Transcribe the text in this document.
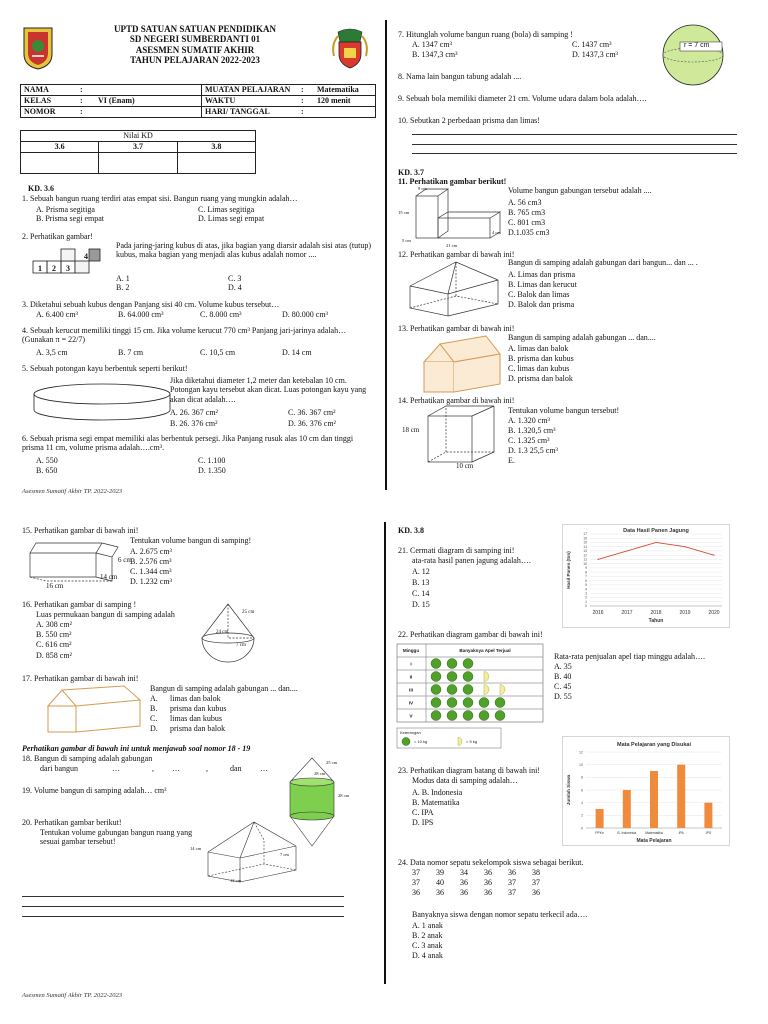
UPTD SATUAN SATUAN PENDIDIKAN
SD NEGERI SUMBERDANTI 01
ASESMEN SUMATIF AKHIR
TAHUN PELAJARAN 2022-2023
NAMA	:		MUATAN PELAJARAN	:	Matematika
KELAS	:	VI (Enam)	WAKTU	:	120 menit
NOMOR	:		HARI/ TANGGAL	:	
Nilai KD		
3.6	3.7	3.8

KD. 3.6
1. Sebuah bangun ruang terdiri atas empat sisi. Bangun ruang yang mungkin adalah…
A. Prisma segitiga	C. Limas segitiga
B. Prisma segi empat	D. Limas segi empat
2. Perhatikan gambar!
1 2 3
4
Pada jaring-jaring kubus di atas, jika bagian yang diarsir adalah sisi atas (tutup) kubus, maka bagian yang menjadi alas kubus adalah nomor ....
A. 1	C. 3
B. 2	D. 4
3. Diketahui sebuah kubus dengan Panjang sisi 40 cm. Volume kubus tersebut…
A. 6.400 cm³	B. 64.000 cm³	C. 8.000 cm³	D. 80.000 cm³
4. Sebuah kerucut memiliki tinggi 15 cm. Jika volume kerucut 770 cm³ Panjang jari-jarinya adalah…(Gunakan π = 22/7)
A. 3,5 cm	B. 7 cm	C. 10,5 cm	D. 14 cm
5. Sebuah potongan kayu berbentuk seperti berikut!
Jika diketahui diameter 1,2 meter dan ketebalan 10 cm. Potongan kayu tersebut akan dicat. Luas potongan kayu yang akan dicat adalah….
A. 26. 367 cm²	C. 36. 367 cm²
B. 26. 376 cm²	D. 36. 376 cm²
6. Sebuah prisma segi empat memiliki alas berbentuk persegi. Jika Panjang rusuk alas 10 cm dan tinggi prisma 11 cm, volume prisma adalah….cm³.
A. 550	C. 1.100
B. 650	D. 1.350
Asesmen Sumatif Akhir TP. 2022-2023
7. Hitunglah volume bangun ruang (bola) di samping !
A. 1347 cm³	C. 1437 cm³
B. 1347,3 cm³	D. 1437,3 cm³
r = 7 cm
8. Nama lain bangun tabung adalah ....
9. Sebuah bola memiliki diameter 21 cm. Volume udara dalam bola adalah….
10. Sebutkan 2 perbedaan prisma dan limas!
KD. 3.7
11. Perhatikan gambar berikut!
9 cm
15 cm
5 cm
4 cm
21 cm
Volume bangun gabungan tersebut adalah ....
A. 56 cm3
B. 765 cm3
C. 801 cm3
D.1.035 cm3
12. Perhatikan gambar di bawah ini!
Bangun di samping adalah gabungan dari bangun... dan ... .
A. Limas dan prisma
B. Limas dan kerucut
C. Balok dan limas
D. Balok dan prisma
13. Perhatikan gambar di bawah ini!
Bangun di samping adalah gabungan ... dan....
A. limas dan balok
B. prisma dan kubus
C. limas dan kubus
D. prisma dan balok
14. Perhatikan gambar di bawah ini!
18 cm
10 cm
Tentukan volume bangun tersebut!
A. 1.320 cm³
B. 1.320,5 cm³
C. 1.325 cm³
D. 1.3 25,5 cm³
E.
15. Perhatikan gambar di bawah ini!
6 cm
14 cm
16 cm
Tentukan volume bangun di samping!
A. 2.675 cm³
B. 2.576 cm³
C. 1.344 cm³
D. 1.232 cm³
16. Perhatikan gambar di samping !
Luas permukaan bangun di samping adalah
A. 308 cm²
B. 550 cm²
C. 616 cm²
D. 858 cm²
25 cm
24 cm
7 cm
17. Perhatikan gambar di bawah ini!
Bangun di samping adalah gabungan ... dan....
A.
B.
C.
D.
limas dan balok
prisma dan kubus
limas dan kubus
prisma dan balok
Perhatikan gambar di bawah ini untuk menjawab soal nomor 18 - 19
18. Bangun di samping adalah gabungan
dari bangun	…	, …	,	dan …
25 cm
28 cm
28 cm
19. Volume bangun di samping adalah… cm³
20. Perhatikan gambar berikut!
Tentukan volume gabungan bangun ruang yang sesuai gambar tersebut!
14 cm
7 cm
12 cm
Asesmen Sumatif Akhir TP. 2022-2023
KD. 3.8
21. Cermati diagram di samping ini!
ata-rata hasil panen jagung adalah….
A. 12
B. 13
C. 14
D. 15
Data Hasil Panen Jagung
0
1
2
3
4
5
6
7
8
9
10
11
12
13
14
15
16
17
2016	2017	2018	2019	2020
Tahun
Hasil Panen (ton)
22. Perhatikan diagram gambar di bawah ini!
Minggu	Banyaknya Apel Terjual
I
II
III
IV
V
Keterangan
= 10 kg	= 5 kg
Rata-rata penjualan apel tiap minggu adalah….
A. 35
B. 40
C. 45
D. 55
23. Perhatikan diagram batang di bawah ini!
Modus data di samping adalah…
A. B. Indonesia
B. Matematika
C. IPA
D. IPS
Mata Pelajaran yang Disukai
0
2
4
6
8
10
12
PPKn	B. Indonesia	Matematika	IPA	IPS
Mata Pelajaran
Jumlah Siswa
24. Data nomor sepatu sekelompok siswa sebagai berikut.
37	39	34	36	36	38
37	40	36	36	37	37
36	36	36	36	37	36
Banyaknya siswa dengan nomor sepatu terkecil ada….
A. 1 anak
B. 2 anak
C. 3 anak
D. 4 anak
